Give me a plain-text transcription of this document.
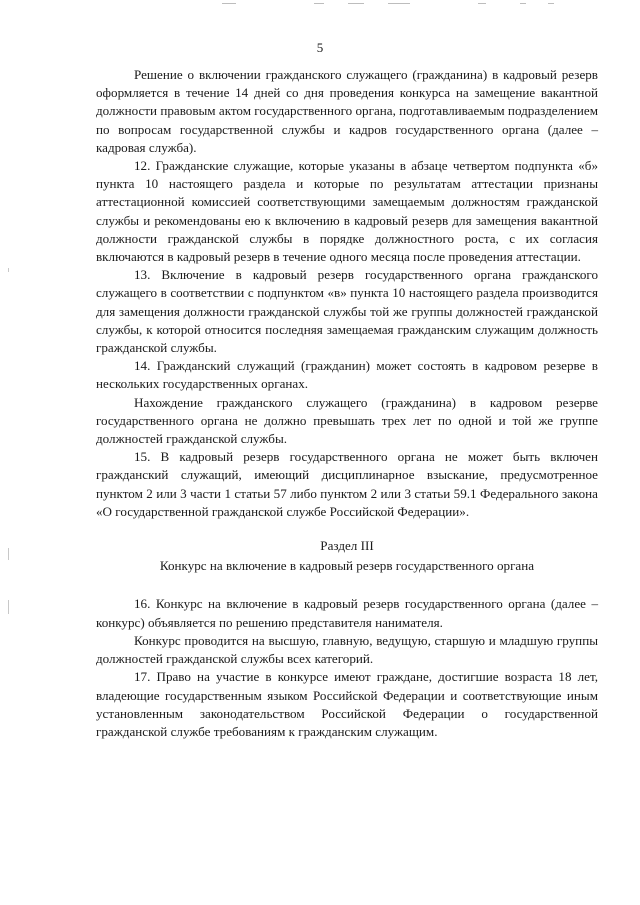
5

Решение о включении гражданского служащего (гражданина) в кадровый резерв оформляется в течение 14 дней со дня проведения конкурса на замещение вакантной должности правовым актом государственного органа, подготавливаемым подразделением по вопросам государственной службы и кадров государственного органа (далее – кадровая служба).

12. Гражданские служащие, которые указаны в абзаце четвертом подпункта «б» пункта 10 настоящего раздела и которые по результатам аттестации признаны аттестационной комиссией соответствующими замещаемым должностям гражданской службы и рекомендованы ею к включению в кадровый резерв для замещения вакантной должности гражданской службы в порядке должностного роста, с их согласия включаются в кадровый резерв в течение одного месяца после проведения аттестации.

13. Включение в кадровый резерв государственного органа гражданского служащего в соответствии с подпунктом «в» пункта 10 настоящего раздела производится для замещения должности гражданской службы той же группы должностей гражданской службы, к которой относится последняя замещаемая гражданским служащим должность гражданской службы.

14. Гражданский служащий (гражданин) может состоять в кадровом резерве в нескольких государственных органах.

Нахождение гражданского служащего (гражданина) в кадровом резерве государственного органа не должно превышать трех лет по одной и той же группе должностей гражданской службы.

15. В кадровый резерв государственного органа не может быть включен гражданский служащий, имеющий дисциплинарное взыскание, предусмотренное пунктом 2 или 3 части 1 статьи 57 либо пунктом 2 или 3 статьи 59.1 Федерального закона «О государственной гражданской службе Российской Федерации».

Раздел III

Конкурс на включение в кадровый резерв государственного органа

16. Конкурс на включение в кадровый резерв государственного органа (далее – конкурс) объявляется по решению представителя нанимателя.

Конкурс проводится на высшую, главную, ведущую, старшую и младшую группы должностей гражданской службы всех категорий.

17. Право на участие в конкурсе имеют граждане, достигшие возраста 18 лет, владеющие государственным языком Российской Федерации и соответствующие иным установленным законодательством Российской Федерации о государственной гражданской службе требованиям к гражданским служащим.
